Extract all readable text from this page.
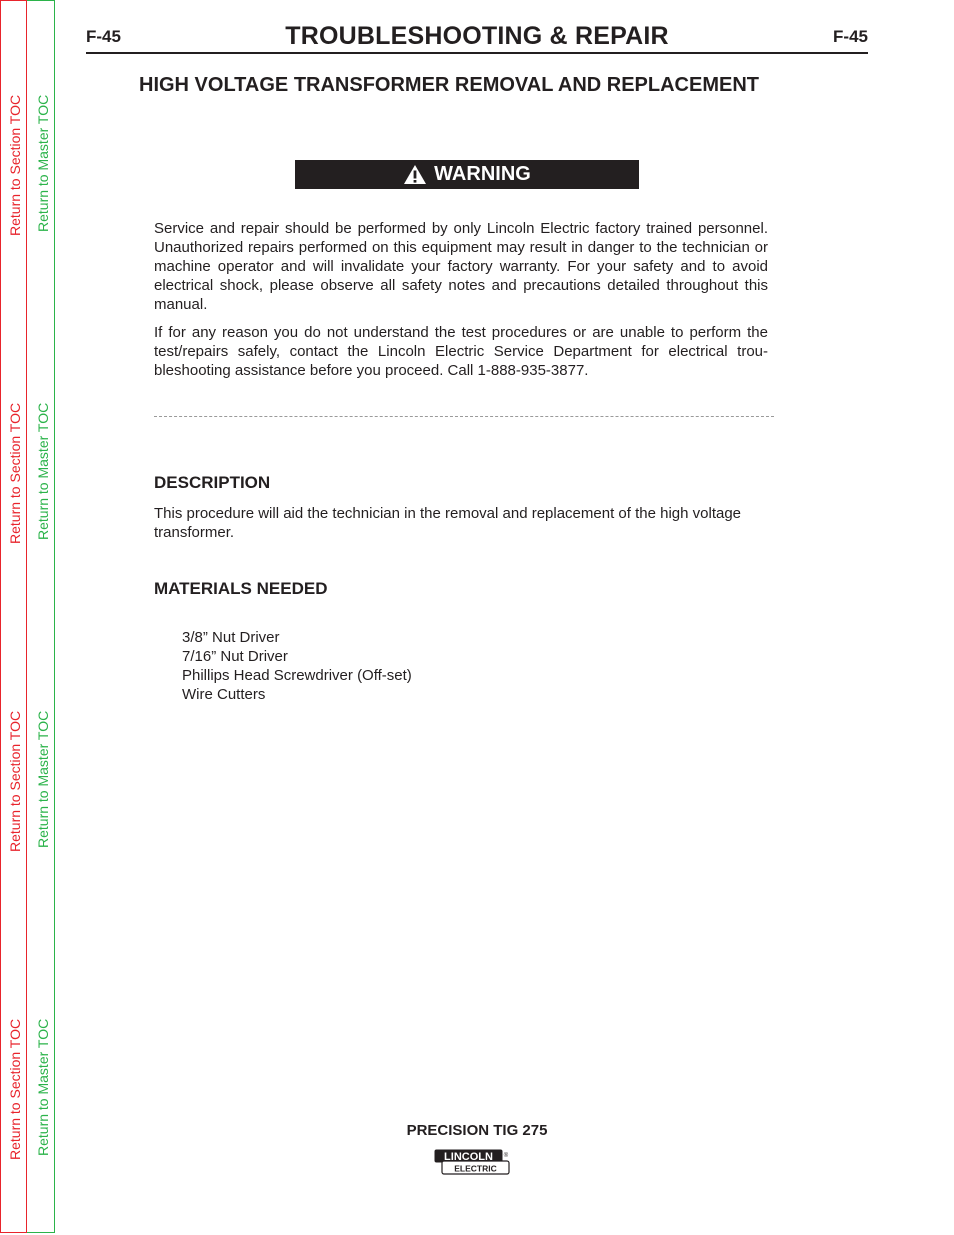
Return to Section TOC
Return to Section TOC
Return to Section TOC
Return to Section TOC
Return to Master TOC
Return to Master TOC
Return to Master TOC
Return to Master TOC
F-45	TROUBLESHOOTING & REPAIR	F-45
HIGH VOLTAGE TRANSFORMER REMOVAL AND REPLACEMENT
WARNING

Service and repair should be performed by only Lincoln Electric factory trained personnel. Unauthorized repairs performed on this equipment may result in danger to the technician or machine operator and will invalidate your factory warranty. For your safety and to avoid electrical shock, please observe all safety notes and precautions detailed throughout this manual.

If for any reason you do not understand the test procedures or are unable to perform the test/repairs safely, contact the Lincoln Electric Service Department for electrical trou-bleshooting assistance before you proceed. Call 1-888-935-3877.

DESCRIPTION

This procedure will aid the technician in the removal and replacement of the high voltage transformer.

MATERIALS NEEDED
3/8” Nut Driver
7/16” Nut Driver
Phillips Head Screwdriver (Off-set)
Wire Cutters
PRECISION TIG 275
LINCOLN
ELECTRIC
®
